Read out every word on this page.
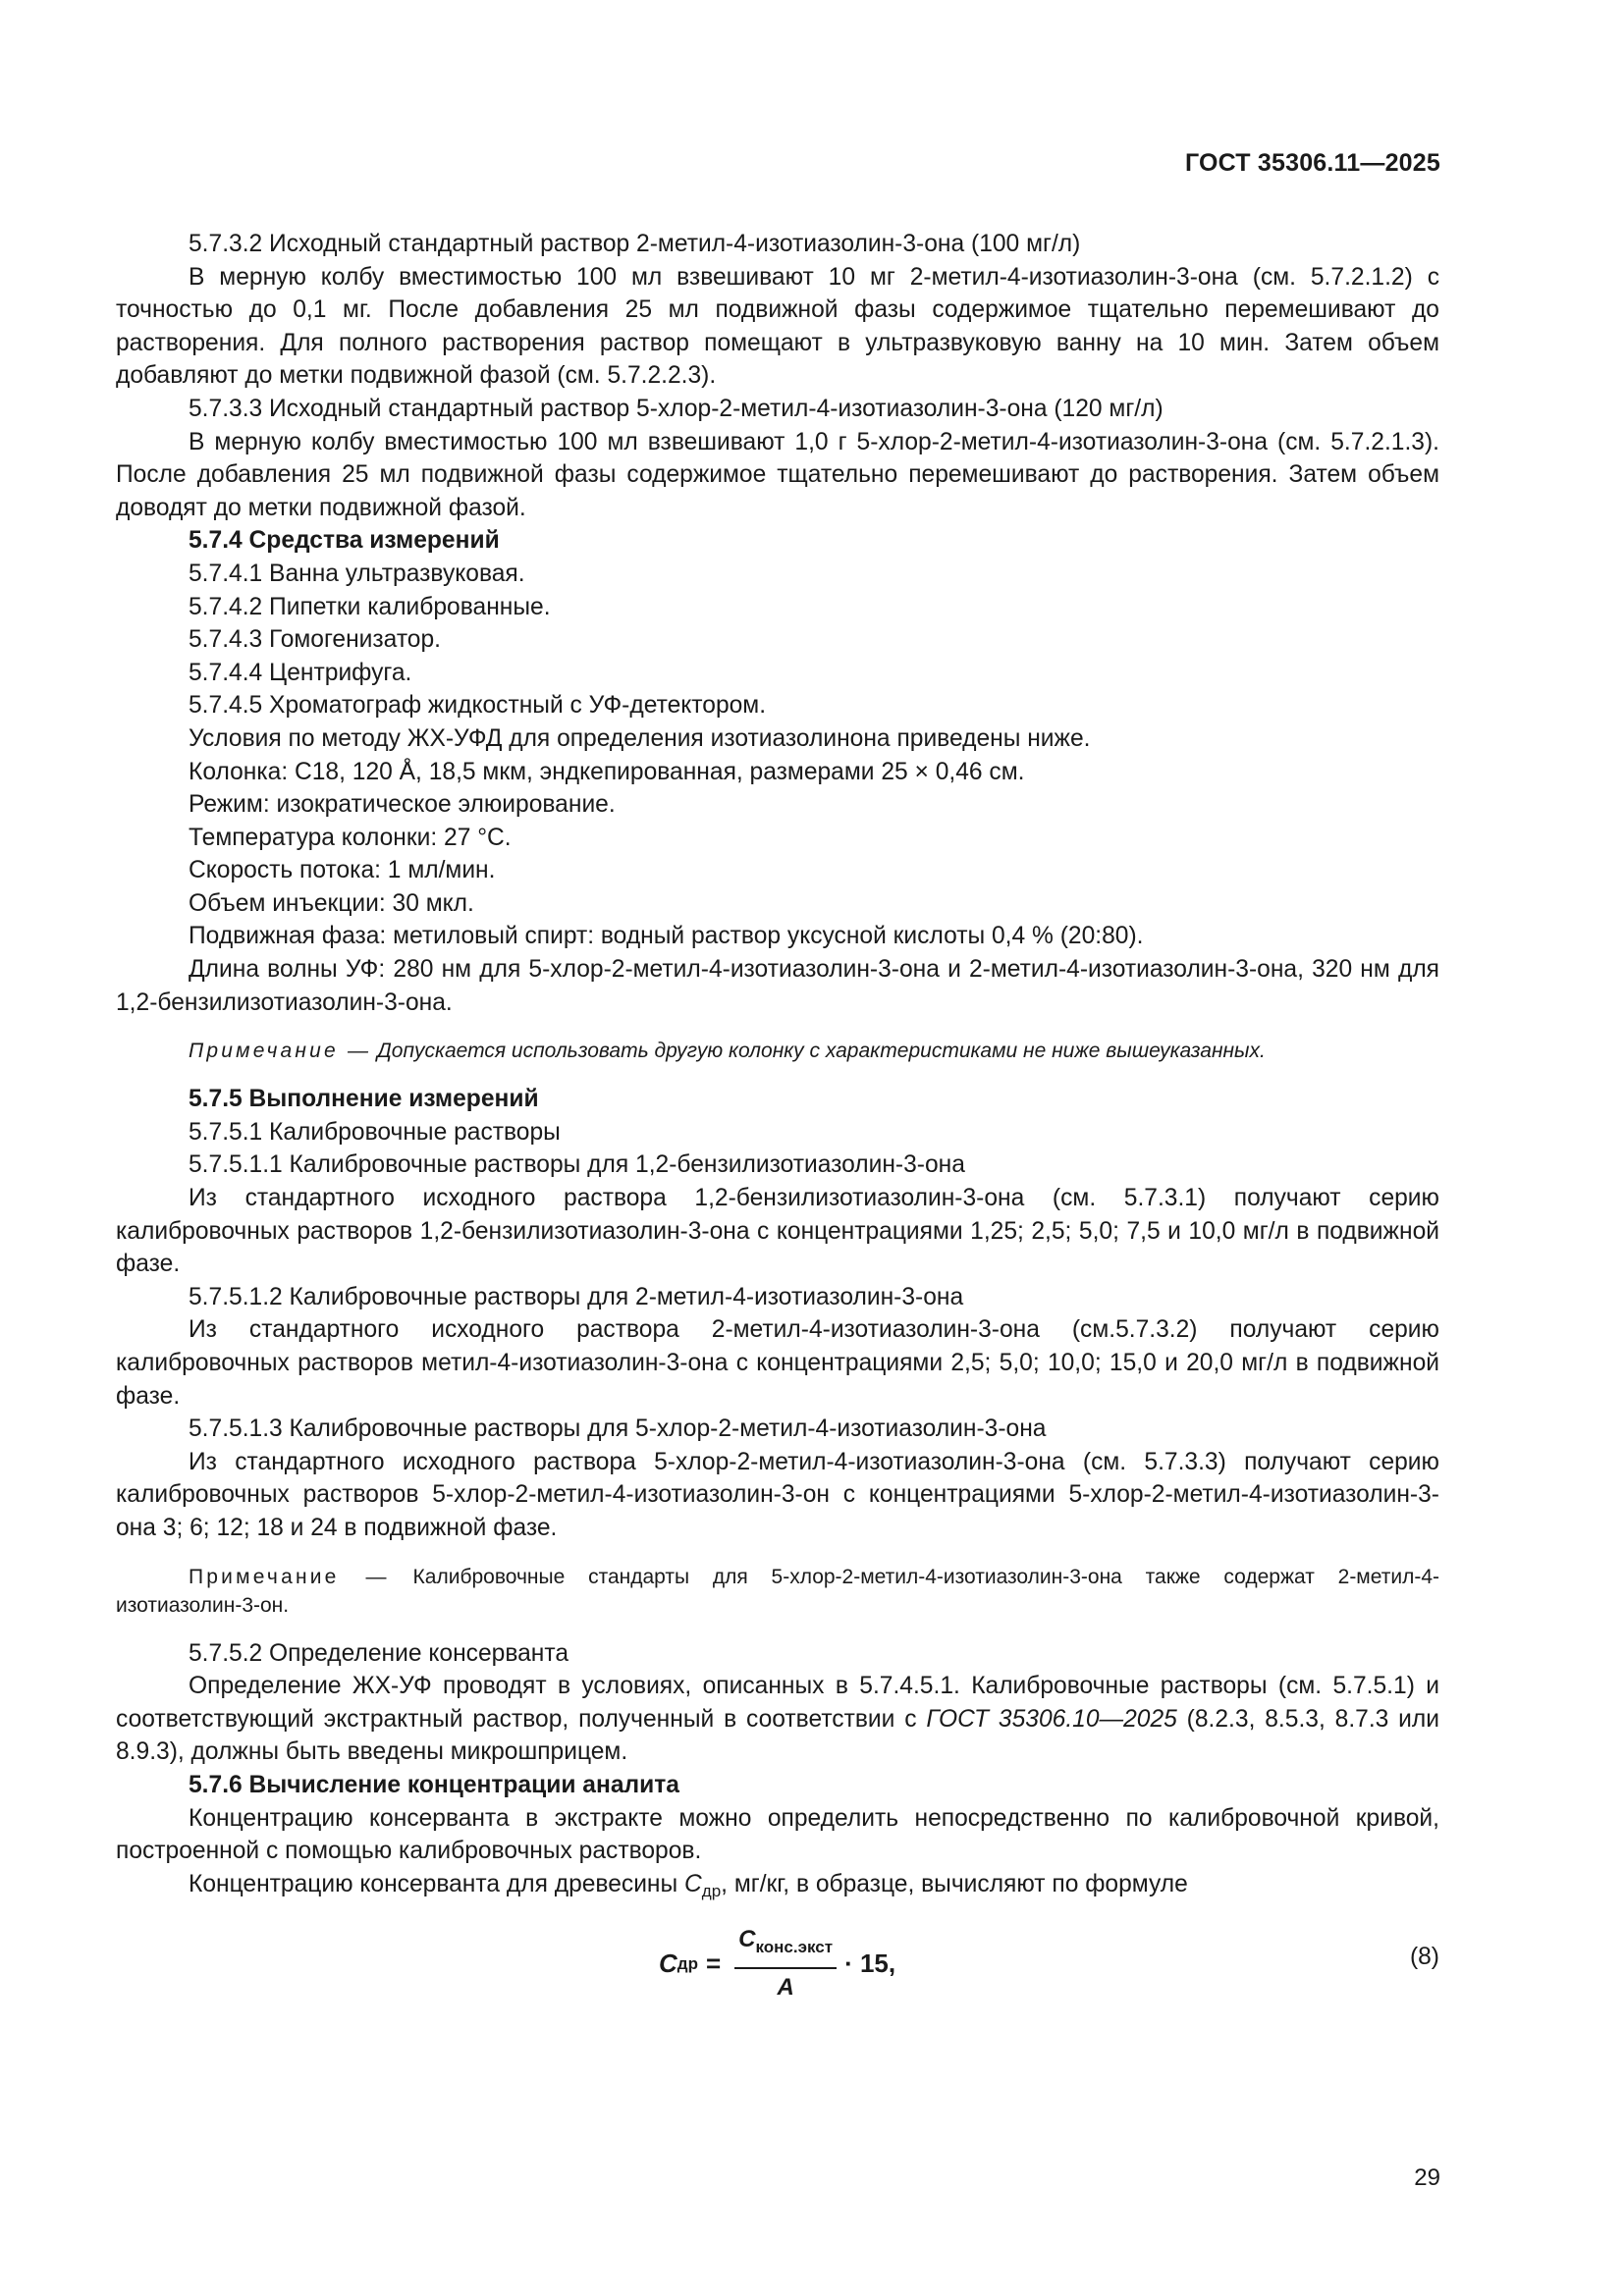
ГОСТ 35306.11—2025

5.7.3.2 Исходный стандартный раствор 2-метил-4-изотиазолин-3-она (100 мг/л)

В мерную колбу вместимостью 100 мл взвешивают 10 мг 2-метил-4-изотиазолин-3-она (см. 5.7.2.1.2) с точностью до 0,1 мг. После добавления 25 мл подвижной фазы содержимое тщательно перемешивают до растворения. Для полного растворения раствор помещают в ультразвуковую ванну на 10 мин. Затем объем добавляют до метки подвижной фазой (см. 5.7.2.2.3).

5.7.3.3 Исходный стандартный раствор 5-хлор-2-метил-4-изотиазолин-3-она (120 мг/л)

В мерную колбу вместимостью 100 мл взвешивают 1,0 г 5-хлор-2-метил-4-изотиазолин-3-она (см. 5.7.2.1.3). После добавления 25 мл подвижной фазы содержимое тщательно перемешивают до растворения. Затем объем доводят до метки подвижной фазой.

5.7.4 Средства измерений

5.7.4.1 Ванна ультразвуковая.

5.7.4.2 Пипетки калиброванные.

5.7.4.3 Гомогенизатор.

5.7.4.4 Центрифуга.

5.7.4.5 Хроматограф жидкостный с УФ-детектором.

Условия по методу ЖХ-УФД для определения изотиазолинона приведены ниже.

Колонка: С18, 120 Å, 18,5 мкм, эндкепированная, размерами 25 × 0,46 см.

Режим: изократическое элюирование.

Температура колонки: 27 °С.

Скорость потока: 1 мл/мин.

Объем инъекции: 30 мкл.

Подвижная фаза: метиловый спирт: водный раствор уксусной кислоты 0,4 % (20:80).

Длина волны УФ: 280 нм для 5-хлор-2-метил-4-изотиазолин-3-она и 2-метил-4-изотиазолин-3-она, 320 нм для 1,2-бензилизотиазолин-3-она.

Примечание — Допускается использовать другую колонку с характеристиками не ниже вышеуказанных.

5.7.5 Выполнение измерений

5.7.5.1 Калибровочные растворы

5.7.5.1.1 Калибровочные растворы для 1,2-бензилизотиазолин-3-она

Из стандартного исходного раствора 1,2-бензилизотиазолин-3-она (см. 5.7.3.1) получают серию калибровочных растворов 1,2-бензилизотиазолин-3-она с концентрациями 1,25; 2,5; 5,0; 7,5 и 10,0 мг/л в подвижной фазе.

5.7.5.1.2 Калибровочные растворы для 2-метил-4-изотиазолин-3-она

Из стандартного исходного раствора 2-метил-4-изотиазолин-3-она (см.5.7.3.2) получают серию калибровочных растворов метил-4-изотиазолин-3-она с концентрациями 2,5; 5,0; 10,0; 15,0 и 20,0 мг/л в подвижной фазе.

5.7.5.1.3 Калибровочные растворы для 5-хлор-2-метил-4-изотиазолин-3-она

Из стандартного исходного раствора 5-хлор-2-метил-4-изотиазолин-3-она (см. 5.7.3.3) получают серию калибровочных растворов 5-хлор-2-метил-4-изотиазолин-3-он с концентрациями 5-хлор-2-метил-4-изотиазолин-3-она 3; 6; 12; 18 и 24 в подвижной фазе.

Примечание — Калибровочные стандарты для 5-хлор-2-метил-4-изотиазолин-3-она также содержат 2-метил-4-изотиазолин-3-он.

5.7.5.2 Определение консерванта

Определение ЖХ-УФ проводят в условиях, описанных в 5.7.4.5.1. Калибровочные растворы (см. 5.7.5.1) и соответствующий экстрактный раствор, полученный в соответствии с ГОСТ 35306.10—2025 (8.2.3, 8.5.3, 8.7.3 или 8.9.3), должны быть введены микрошприцем.

5.7.6 Вычисление концентрации аналита

Концентрацию консерванта в экстракте можно определить непосредственно по калибровочной кривой, построенной с помощью калибровочных растворов.

Концентрацию консерванта для древесины $С_{др}$, мг/кг, в образце, вычисляют по формуле

С др = $\frac{С_{конс.экст}}{А} \cdot 15$,	(8)
29
